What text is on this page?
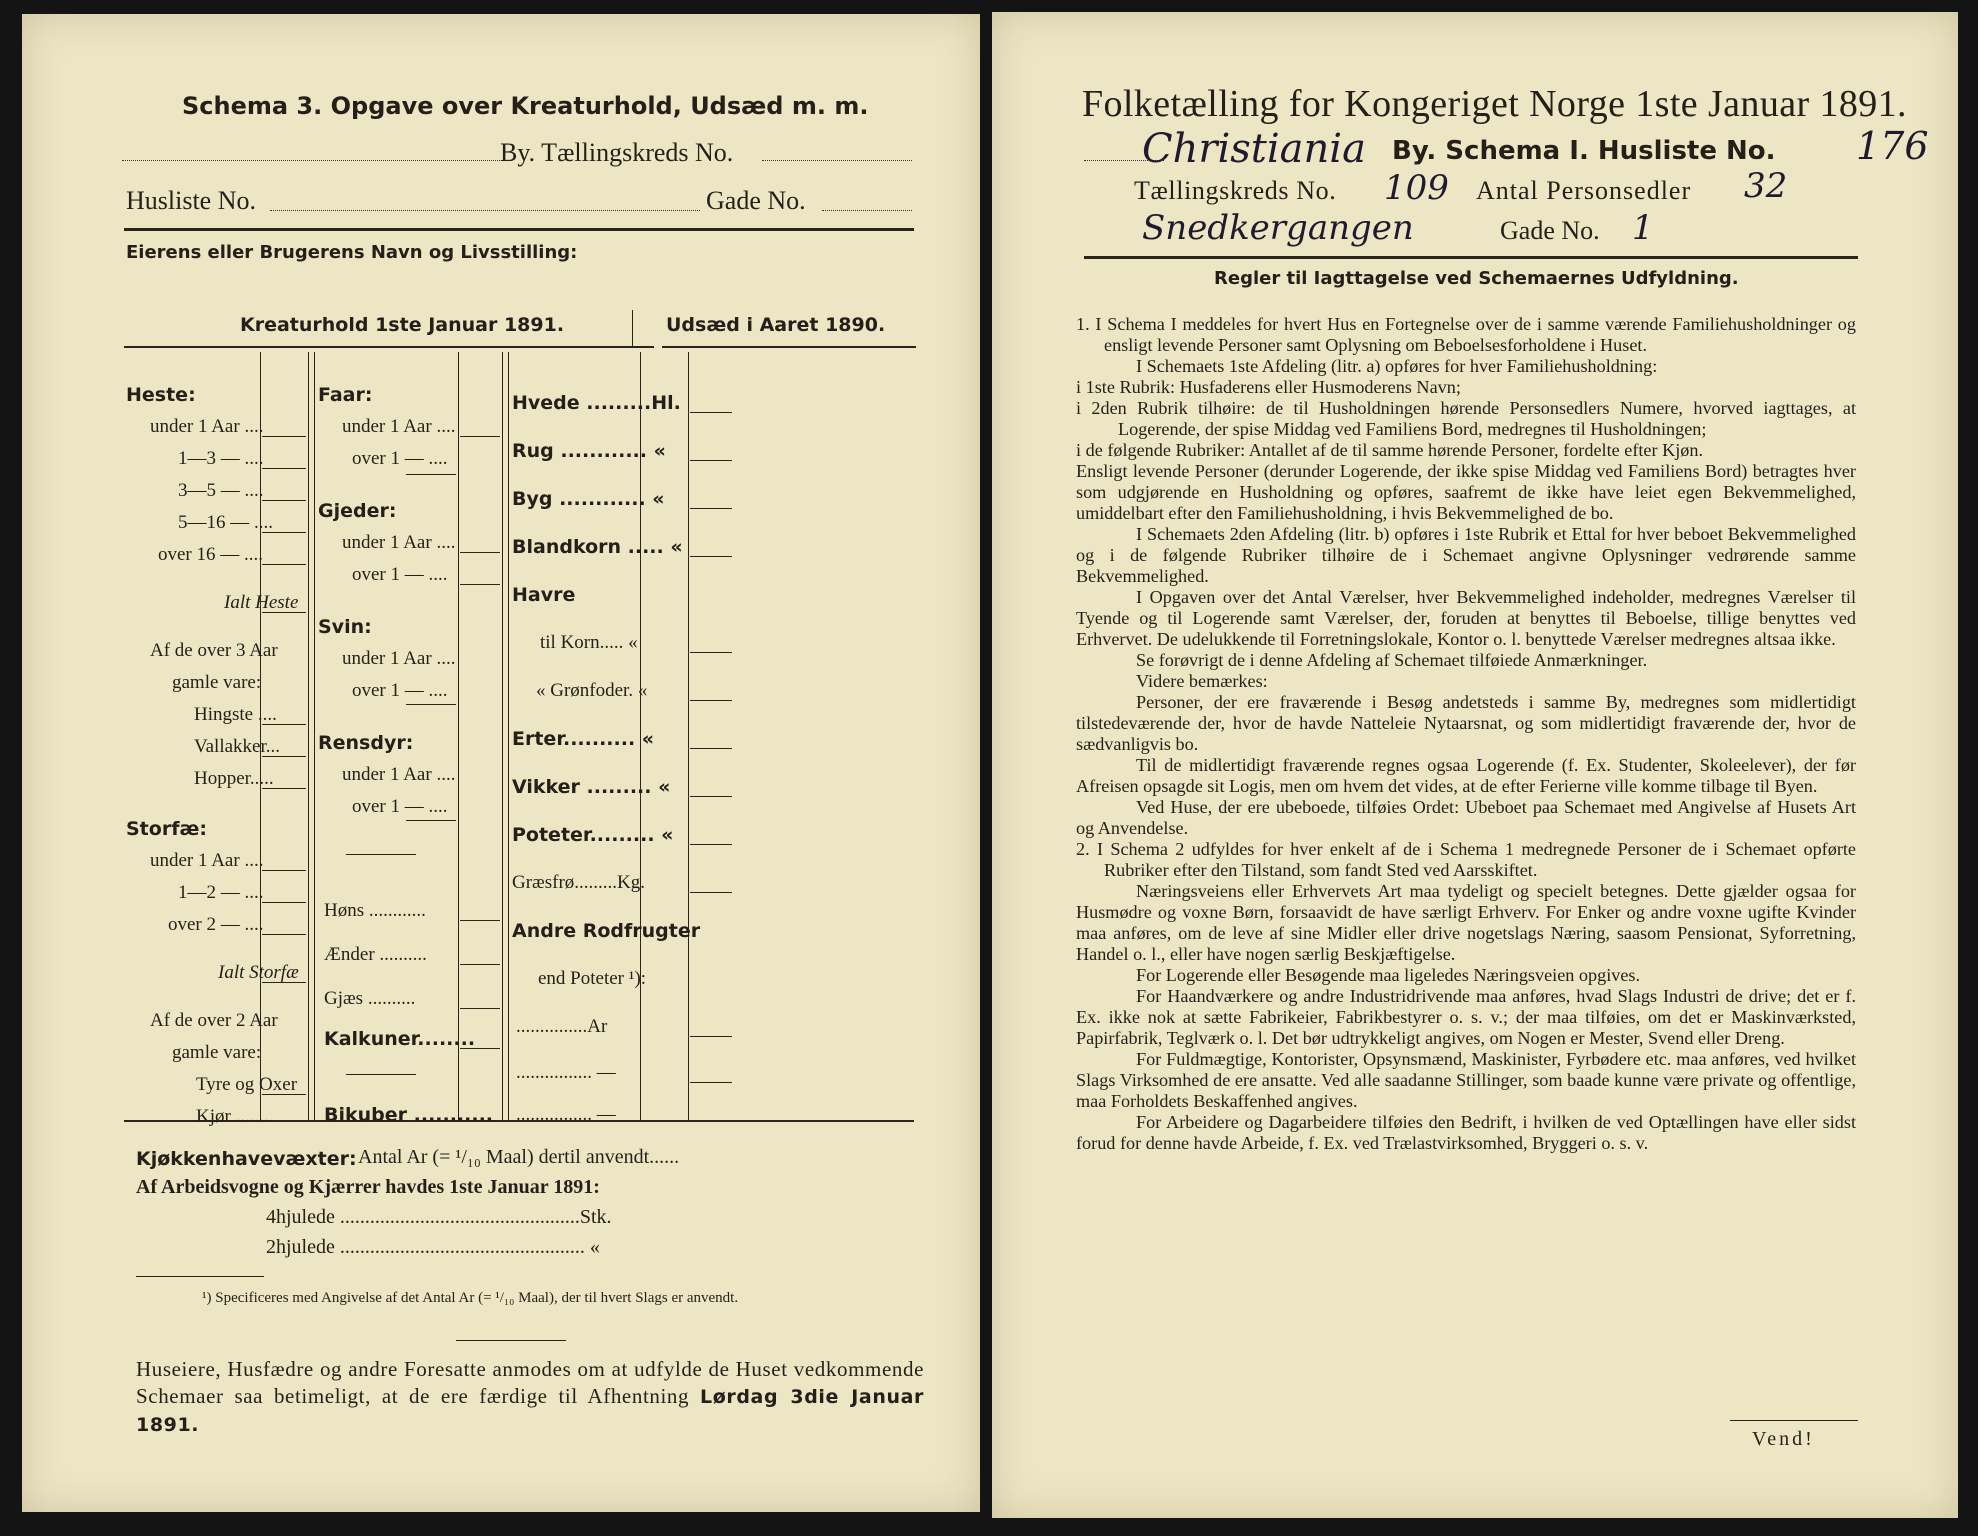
Schema 3. Opgave over Kreaturhold, Udsæd m. m.
By. Tællingskreds No.
Husliste No.	Gade No.
Eierens eller Brugerens Navn og Livsstilling:
Kreaturhold 1ste Januar 1891.	Udsæd i Aaret 1890.
Heste:
under 1 Aar ....
1—3 — ....
3—5 — ....
5—16 — ....
over 16 — ....
Ialt Heste
Af de over 3 Aar
gamle vare:
Hingste ....
Vallakker...
Hopper.....
Storfæ:
under 1 Aar ....
1—2 — ....
over 2 — ....
Ialt Storfæ
Af de over 2 Aar
gamle vare:
Tyre og Oxer
Kjør .......
Faar:
under 1 Aar ....
over 1 — ....
Gjeder:
under 1 Aar ....
over 1 — ....
Svin:
under 1 Aar ....
over 1 — ....
Rensdyr:
under 1 Aar ....
over 1 — ....
Høns ............
Ænder ..........
Gjæs ..........
Kalkuner........
Bikuber ...........
Hvede .........Hl.
Rug ............ «
Byg ............ «
Blandkorn ..... «
Havre
til Korn..... «
« Grønfoder. «
Erter.......... «
Vikker ......... «
Poteter......... «
Græsfrø.........Kg.
Andre Rodfrugter
end Poteter ¹):
...............Ar
................ —
................ —
Kjøkkenhavevæxter: Antal Ar (= ¹/₁₀ Maal) dertil anvendt......
Af Arbeidsvogne og Kjærrer havdes 1ste Januar 1891:
4hjulede ................................................Stk.
2hjulede ................................................. «
¹) Specificeres med Angivelse af det Antal Ar (= ¹/₁₀ Maal), der til hvert Slags er anvendt.
Huseiere, Husfædre og andre Foresatte anmodes om at udfylde de Huset vedkommende Schemaer saa betimeligt, at de ere færdige til Afhentning Lørdag 3die Januar 1891.
Folketælling for Kongeriget Norge 1ste Januar 1891.
Christiania By. Schema I. Husliste No. 176
Tællingskreds No. 109 Antal Personsedler 32
Snedkergangen	Gade No. 1
Regler til Iagttagelse ved Schemaernes Udfyldning.

1. I Schema I meddeles for hvert Hus en Fortegnelse over de i samme værende Familiehusholdninger og ensligt levende Personer samt Oplysning om Beboelsesforholdene i Huset.

I Schemaets 1ste Afdeling (litr. a) opføres for hver Familiehusholdning:

i 1ste Rubrik: Husfaderens eller Husmoderens Navn;

i 2den Rubrik tilhøire: de til Husholdningen hørende Personsedlers Numere, hvorved iagttages, at Logerende, der spise Middag ved Familiens Bord, medregnes til Husholdningen;

i de følgende Rubriker: Antallet af de til samme hørende Personer, fordelte efter Kjøn.

Ensligt levende Personer (derunder Logerende, der ikke spise Middag ved Familiens Bord) betragtes hver som udgjørende en Husholdning og opføres, saafremt de ikke have leiet egen Bekvemmelighed, umiddelbart efter den Familiehusholdning, i hvis Bekvemmelighed de bo.

I Schemaets 2den Afdeling (litr. b) opføres i 1ste Rubrik et Ettal for hver beboet Bekvemmelighed og i de følgende Rubriker tilhøire de i Schemaet angivne Oplysninger vedrørende samme Bekvemmelighed.

I Opgaven over det Antal Værelser, hver Bekvemmelighed indeholder, medregnes Værelser til Tyende og til Logerende samt Værelser, der, foruden at benyttes til Beboelse, tillige benyttes ved Erhvervet. De udelukkende til Forretningslokale, Kontor o. l. benyttede Værelser medregnes altsaa ikke.

Se forøvrigt de i denne Afdeling af Schemaet tilføiede Anmærkninger.

Videre bemærkes:

Personer, der ere fraværende i Besøg andetsteds i samme By, medregnes som midlertidigt tilstedeværende der, hvor de havde Natteleie Nytaarsnat, og som midlertidigt fraværende der, hvor de sædvanligvis bo.

Til de midlertidigt fraværende regnes ogsaa Logerende (f. Ex. Studenter, Skoleelever), der før Afreisen opsagde sit Logis, men om hvem det vides, at de efter Ferierne ville komme tilbage til Byen.

Ved Huse, der ere ubeboede, tilføies Ordet: Ubeboet paa Schemaet med Angivelse af Husets Art og Anvendelse.

2. I Schema 2 udfyldes for hver enkelt af de i Schema 1 medregnede Personer de i Schemaet opførte Rubriker efter den Tilstand, som fandt Sted ved Aarsskiftet.

Næringsveiens eller Erhvervets Art maa tydeligt og specielt betegnes. Dette gjælder ogsaa for Husmødre og voxne Børn, forsaavidt de have særligt Erhverv. For Enker og andre voxne ugifte Kvinder maa anføres, om de leve af sine Midler eller drive nogetslags Næring, saasom Pensionat, Syforretning, Handel o. l., eller have nogen særlig Beskjæftigelse.

For Logerende eller Besøgende maa ligeledes Næringsveien opgives.

For Haandværkere og andre Industridrivende maa anføres, hvad Slags Industri de drive; det er f. Ex. ikke nok at sætte Fabrikeier, Fabrikbestyrer o. s. v.; der maa tilføies, om det er Maskinværksted, Papirfabrik, Teglværk o. l. Det bør udtrykkeligt angives, om Nogen er Mester, Svend eller Dreng.

For Fuldmægtige, Kontorister, Opsynsmænd, Maskinister, Fyrbødere etc. maa anføres, ved hvilket Slags Virksomhed de ere ansatte. Ved alle saadanne Stillinger, som baade kunne være private og offentlige, maa Forholdets Beskaffenhed angives.

For Arbeidere og Dagarbeidere tilføies den Bedrift, i hvilken de ved Optællingen have eller sidst forud for denne havde Arbeide, f. Ex. ved Trælastvirksomhed, Bryggeri o. s. v.

Vend!
